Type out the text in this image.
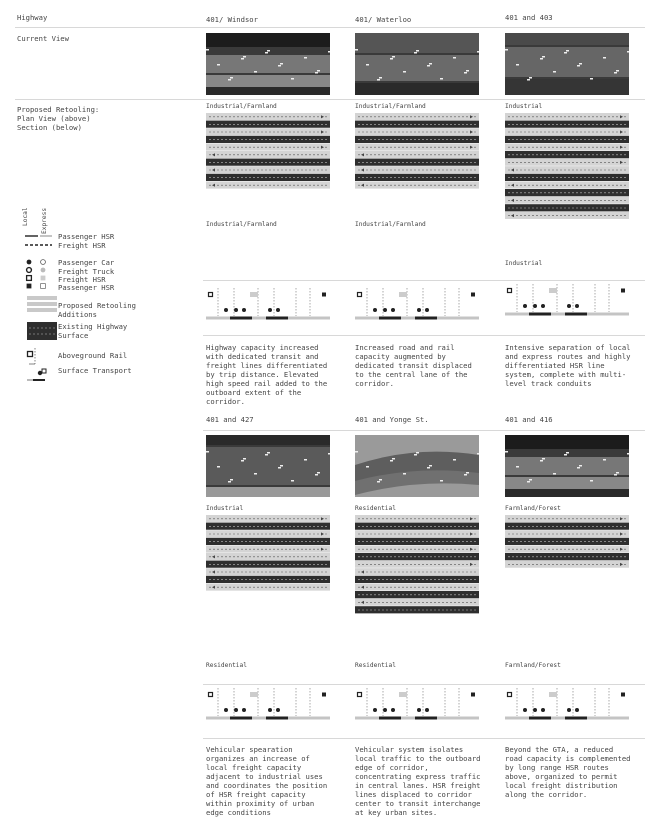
Highway
Current View
Proposed Retooling:
Plan View (above)
Section (below)
401/ Windsor
Industrial/Farmland
Industrial/Farmland
Highway capacity increased with dedicated transit and freight lines differentiated by trip distance. Elevated high speed rail added to the outboard extent of the corridor.
401/ Waterloo
Industrial/Farmland
Industrial/Farmland
Increased road and rail capacity augmented by dedicated transit displaced to the central lane of the corridor.
401 and 403
Industrial
Industrial
Intensive separation of local and express routes and highly differentiated HSR line system, complete with multi-level track conduits
401 and 427
Industrial
Residential
Vehicular spearation organizes an increase of local freight capacity adjacent to industrial uses and coordinates the position of HSR freight capacity within proximity of urban edge conditions
401 and Yonge St.
Residential
Residential
Vehicular system isolates local traffic to the outboard edge of corridor, concentrating express traffic in central lanes. HSR freight lines displaced to corridor center to transit interchange at key urban sites.
401 and 416
Farmland/Forest
Farmland/Forest
Beyond the GTA, a reduced road capacity is complemented by long range HSR routes above, organized to permit local freight distribution along the corridor.
Local Express
Passenger HSR
Freight HSR
Passenger Car
Freight Truck
Freight HSR
Passenger HSR
Proposed Retooling
Additions
Existing Highway
Surface
Aboveground Rail
Surface Transport
